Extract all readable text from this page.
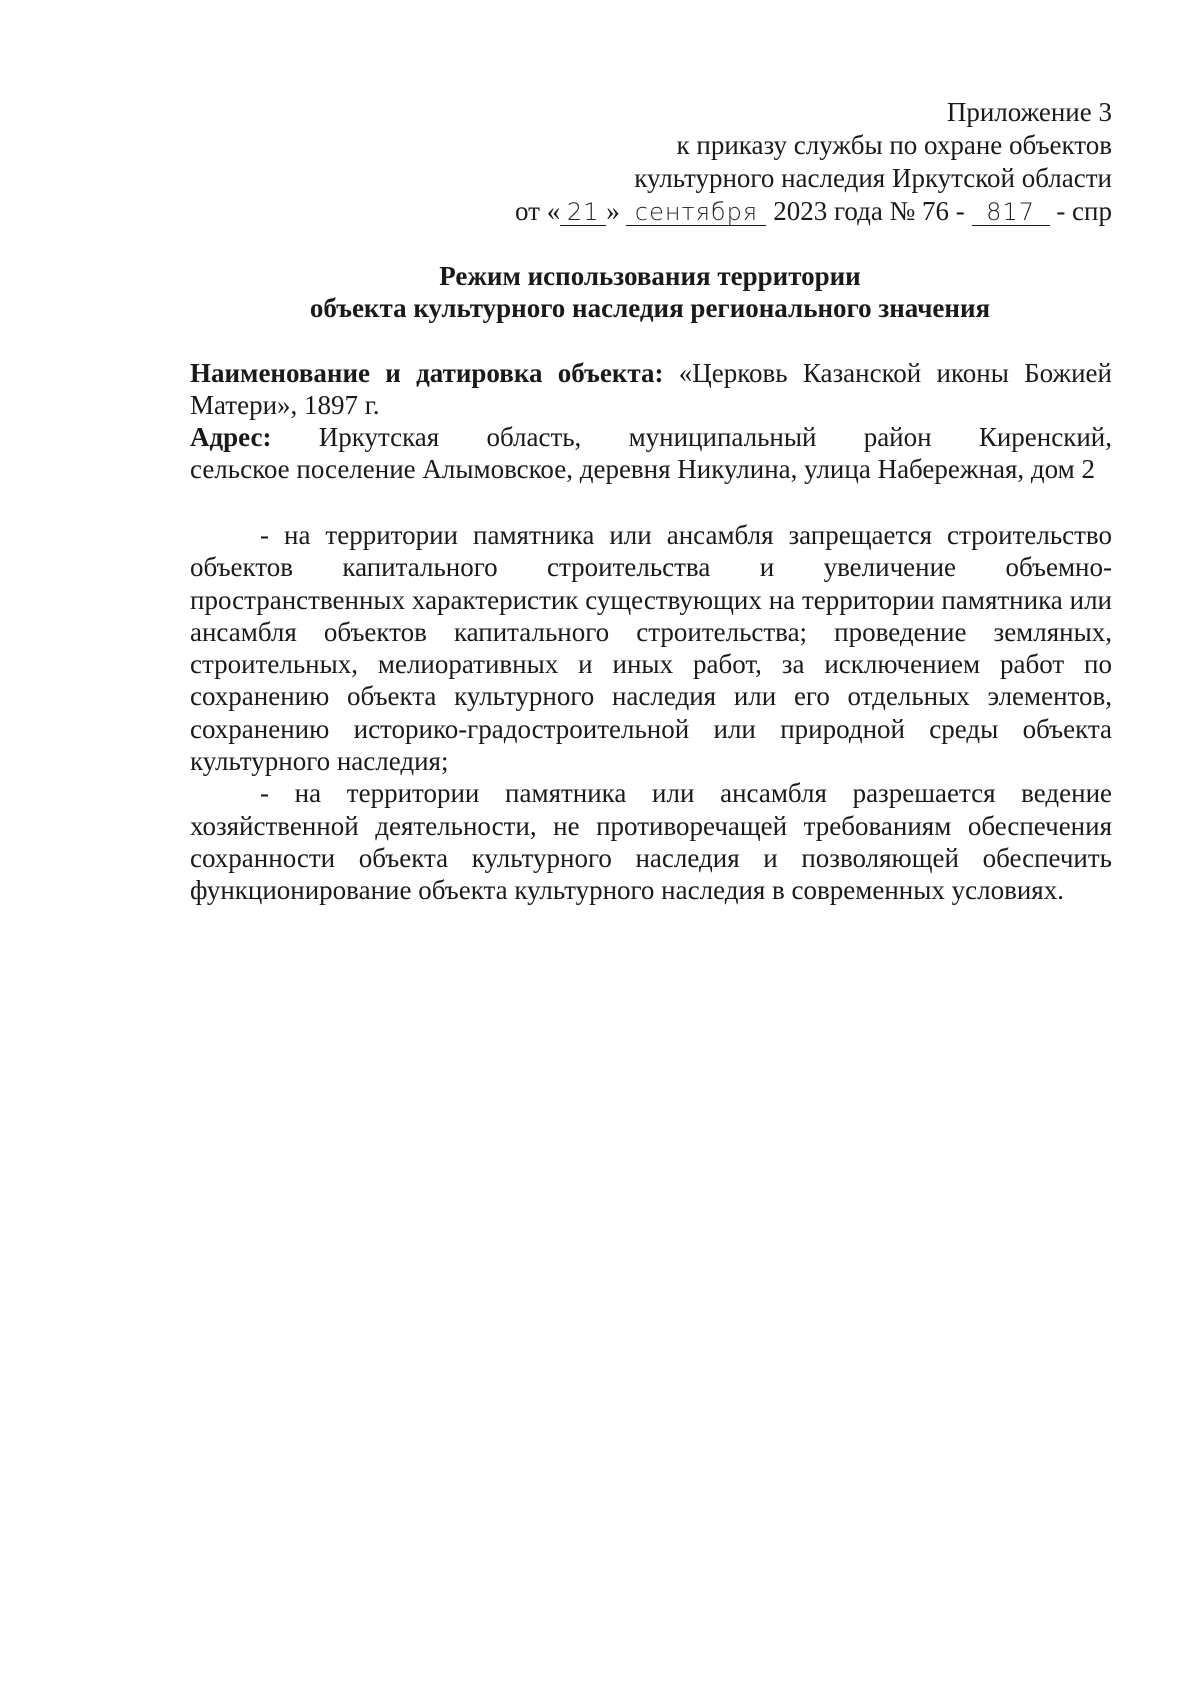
Приложение 3
к приказу службы по охране объектов
культурного наследия Иркутской области
от « 21 » сентября 2023 года № 76 - 817 - спр
Режим использования территории
объекта культурного наследия регионального значения
Наименование и датировка объекта: «Церковь Казанской иконы Божией Матери», 1897 г.
Адрес: Иркутская область, муниципальный район Киренский,
сельское поселение Алымовское, деревня Никулина, улица Набережная, дом 2

- на территории памятника или ансамбля запрещается строительство объектов капитального строительства и увеличение объемно-пространственных характеристик существующих на территории памятника или ансамбля объектов капитального строительства; проведение земляных, строительных, мелиоративных и иных работ, за исключением работ по сохранению объекта культурного наследия или его отдельных элементов, сохранению историко-градостроительной или природной среды объекта культурного наследия;

- на территории памятника или ансамбля разрешается ведение хозяйственной деятельности, не противоречащей требованиям обеспечения сохранности объекта культурного наследия и позволяющей обеспечить функционирование объекта культурного наследия в современных условиях.
